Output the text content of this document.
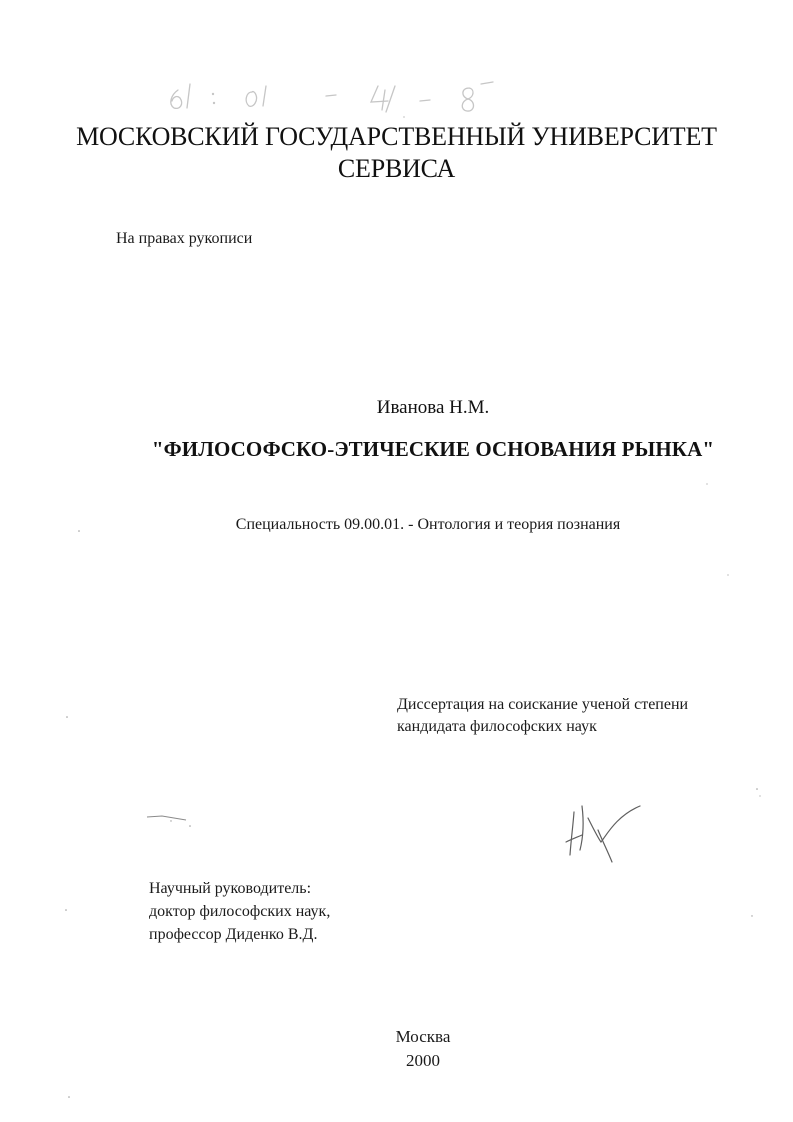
МОСКОВСКИЙ ГОСУДАРСТВЕННЫЙ УНИВЕРСИТЕТ
СЕРВИСА
На правах рукописи
Иванова Н.М.
"ФИЛОСОФСКО-ЭТИЧЕСКИЕ ОСНОВАНИЯ РЫНКА"
Специальность 09.00.01. - Онтология и теория познания
Диссертация на соискание ученой степени
кандидата философских наук
Научный руководитель:
доктор философских наук,
профессор Диденко В.Д.
Москва
2000
